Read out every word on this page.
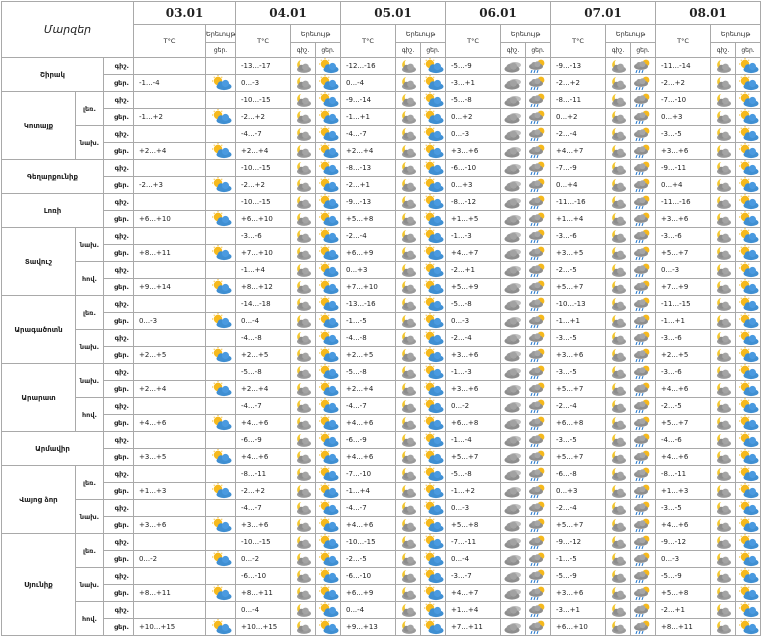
Մարզեր			03.01		04.01			05.01			06.01			07.01			08.01		
			T°C	Երեւույթ	T°C	Երեւույթ		T°C	Երեւույթ		T°C	Երեւույթ		T°C	Երեւույթ		T°C	Երեւույթ	
				ցեր.		գիշ.	ցեր.		գիշ.	ցեր.		գիշ.	ցեր.		գիշ.	ցեր.		գիշ.	ցեր.
Շիրակ		գիշ.			-13...-17			-12...-16			-5...-9			-9...-13			-11...-14	

		ցեր.	-1...-4		0...-3			0...-4			-3...+1			-2...+2			-2...+2	

Կոտայք	լեռ.	գիշ.			-10...-15			-9...-14			-5...-8			-8...-11			-7...-10	

		ցեր.	-1...+2		-2...+2			-1...+1			0...+2			0...+2			0...+3	

	նախ.	գիշ.			-4...-7			-4...-7			0...-3			-2...-4			-3...-5	

		ցեր.	+2...+4		+2...+4			+2...+4			+3...+6			+4...+7			+3...+6	

Գեղարքունիք		գիշ.			-10...-15			-8...-13			-6...-10			-7...-9			-9...-11	

		ցեր.	-2...+3		-2...+2			-2...+1			0...+3			0...+4			0...+4	

Լոռի		գիշ.			-10...-15			-9...-13			-8...-12			-11...-16			-11...-16	

		ցեր.	+6...+10		+6...+10			+5...+8			+1...+5			+1...+4			+3...+6	

Տավուշ	նախ.	գիշ.			-3...-6			-2...-4			-1...-3			-3...-6			-3...-6	

		ցեր.	+8...+11		+7...+10			+6...+9			+4...+7			+3...+5			+5...+7	

	հով.	գիշ.			-1...+4			0...+3			-2...+1			-2...-5			0...-3	

		ցեր.	+9...+14		+8...+12			+7...+10			+5...+9			+5...+7			+7...+9	

Արագածոտն	լեռ.	գիշ.			-14...-18			-13...-16			-5...-8			-10...-13			-11...-15	

		ցեր.	0...-3		0...-4			-1...-5			0...-3			-1...+1			-1...+1	

	նախ.	գիշ.			-4...-8			-4...-8			-2...-4			-3...-5			-3...-6	

		ցեր.	+2...+5		+2...+5			+2...+5			+3...+6			+3...+6			+2...+5	

Արարատ	նախ.	գիշ.			-5...-8			-5...-8			-1...-3			-3...-5			-3...-6	

		ցեր.	+2...+4		+2...+4			+2...+4			+3...+6			+5...+7			+4...+6	

	հով.	գիշ.			-4...-7			-4...-7			0...-2			-2...-4			-2...-5	

		ցեր.	+4...+6		+4...+6			+4...+6			+6...+8			+6...+8			+5...+7	

Արմավիր		գիշ.			-6...-9			-6...-9			-1...-4			-3...-5			-4...-6	

		ցեր.	+3...+5		+4...+6			+4...+6			+5...+7			+5...+7			+4...+6	

Վայոց ձոր	լեռ.	գիշ.			-8...-11			-7...-10			-5...-8			-6...-8			-8...-11	

		ցեր.	+1...+3		-2...+2			-1...+4			-1...+2			0...+3			+1...+3	

	նախ.	գիշ.			-4...-7			-4...-7			0...-3			-2...-4			-3...-5	

		ցեր.	+3...+6		+3...+6			+4...+6			+5...+8			+5...+7			+4...+6	

Սյունիք	լեռ.	գիշ.			-10...-15			-10...-15			-7...-11			-9...-12			-9...-12	

		ցեր.	0...-2		0...-2			-2...-5			0...-4			-1...-5			0...-3	

	նախ.	գիշ.			-6...-10			-6...-10			-3...-7			-5...-9			-5...-9	

		ցեր.	+8...+11		+8...+11			+6...+9			+4...+7			+3...+6			+5...+8	

	հով.	գիշ.			0...-4			0...-4			+1...+4			-3...+1			-2...+1	

		ցեր.	+10...+15		+10...+15			+9...+13			+7...+11			+6...+10			+8...+11	
